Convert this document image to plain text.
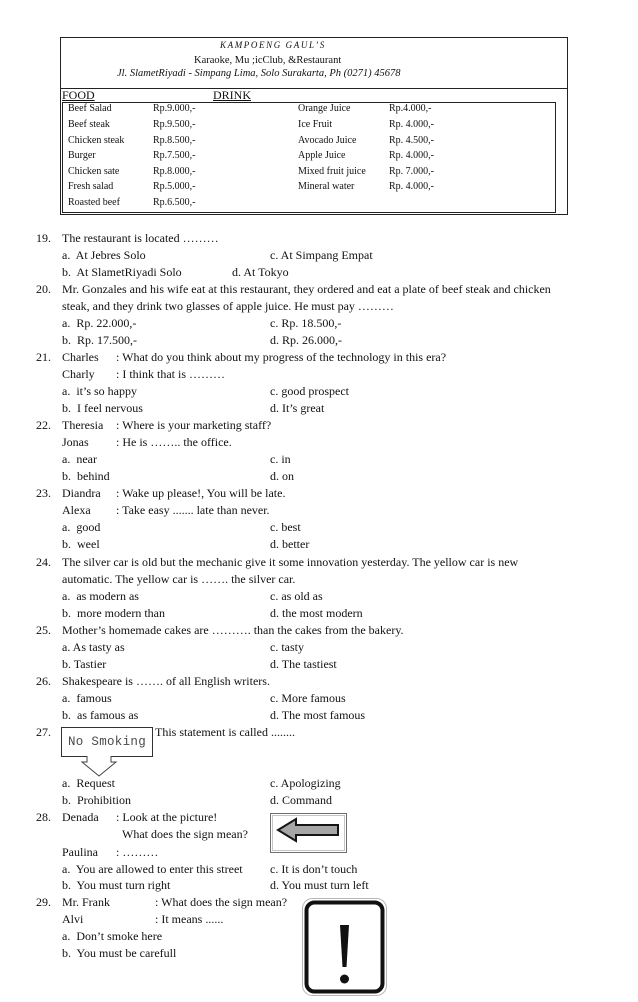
KAMPOENG GAUL’S
Karaoke, Mu ;icClub, &Restaurant
Jl. SlametRiyadi - Simpang Lima, Solo Surakarta, Ph (0271) 45678
FOOD	DRINK
Beef Salad	Rp.9.000,-
Beef steak	Rp.9.500,-
Chicken steak	Rp.8.500,-
Burger	Rp.7.500,-
Chicken sate	Rp.8.000,-
Fresh salad	Rp.5.000,-
Roasted beef	Rp.6.500,-
Orange Juice	Rp.4.000,-
Ice Fruit	Rp. 4.000,-
Avocado Juice	Rp. 4.500,-
Apple Juice	Rp. 4.000,-
Mixed fruit juice Rp. 7.000,-
Mineral water	Rp. 4.000,-
19. The restaurant is located ………
a.  At Jebres Solo	c. At Simpang Empat
b.  At SlametRiyadi Solo	d. At Tokyo
20. Mr. Gonzales and his wife eat at this restaurant, they ordered and eat a plate of beef steak and chicken
steak, and they drink two glasses of apple juice. He must pay ………
a.  Rp. 22.000,-	c. Rp. 18.500,-
b.  Rp. 17.500,-	d. Rp. 26.000,-
21. Charles : What do you think about my progress of the technology in this era?
Charly : I think that is ………
a.  it’s so happy	c. good prospect
b.  I feel nervous	d. It’s great
22. Theresia : Where is your marketing staff?
Jonas : He is …….. the office.
a.  near	c. in
b.  behind	d. on
23. Diandra : Wake up please!, You will be late.
Alexa : Take easy ....... late than never.
a.  good	c. best
b.  weel	d. better
24. The silver car is old but the mechanic give it some innovation yesterday. The yellow car is new
automatic. The yellow car is ……. the silver car.
a.  as modern as	c. as old as
b.  more modern than	d. the most modern
25. Mother’s homemade cakes are ………. than the cakes from the bakery.
a. As tasty as	c. tasty
b. Tastier	d. The tastiest
26. Shakespeare is ……. of all English writers.
a.  famous	c. More famous
b.  as famous as	d. The most famous
27.
No Smoking
This statement is called ........
a.  Request	c. Apologizing
b.  Prohibition	d. Command
28. Denada : Look at the picture!
What does the sign mean?
Paulina : ………
a.  You are allowed to enter this street c. It is don’t touch
b.  You must turn right	d. You must turn left
29. Mr. Frank	: What does the sign mean?
Alvi	: It means ......
a.  Don’t smoke here
b.  You must be carefull
